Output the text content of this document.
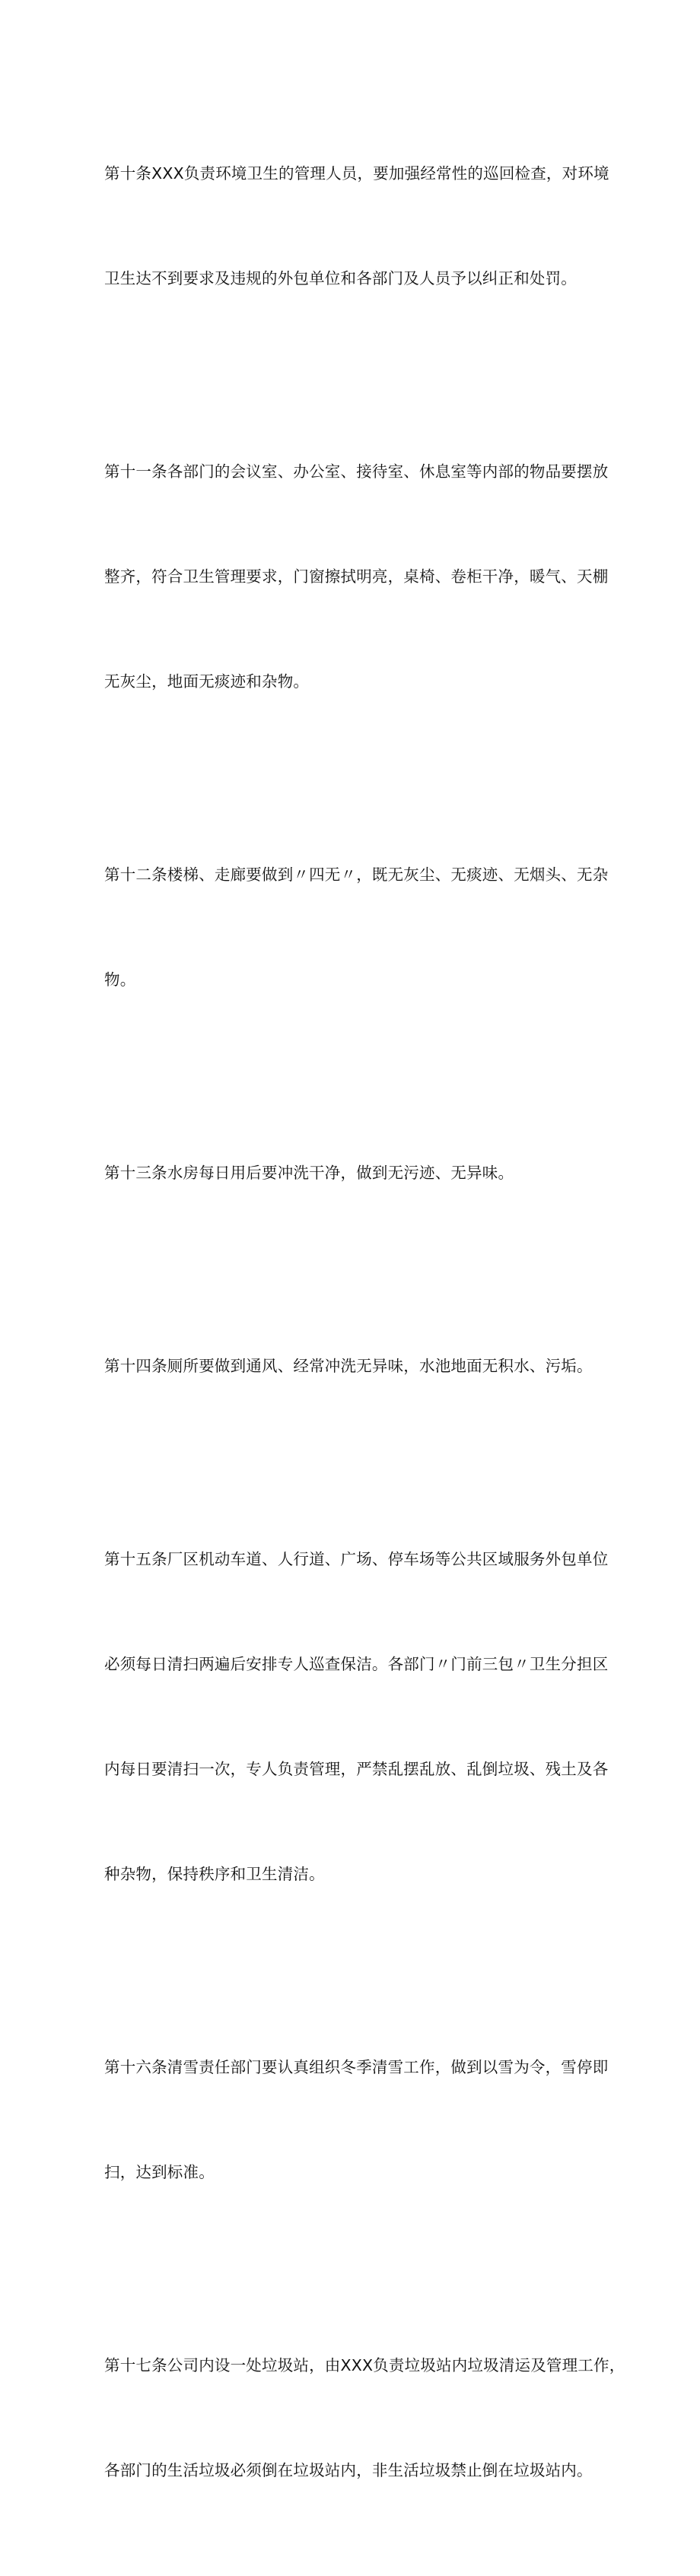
第十条XXX负责环境卫生的管理人员，要加强经常性的巡回检查，对环境

卫生达不到要求及违规的外包单位和各部门及人员予以纠正和处罚。

第十一条各部门的会议室、办公室、接待室、休息室等内部的物品要摆放

整齐，符合卫生管理要求，门窗擦拭明亮，桌椅、卷柜干净，暖气、天棚

无灰尘，地面无痰迹和杂物。

第十二条楼梯、走廊要做到〃四无〃，既无灰尘、无痰迹、无烟头、无杂

物。

第十三条水房每日用后要冲洗干净，做到无污迹、无异味。

第十四条厕所要做到通风、经常冲洗无异味，水池地面无积水、污垢。

第十五条厂区机动车道、人行道、广场、停车场等公共区域服务外包单位

必须每日清扫两遍后安排专人巡查保洁。各部门〃门前三包〃卫生分担区

内每日要清扫一次，专人负责管理，严禁乱摆乱放、乱倒垃圾、残土及各

种杂物，保持秩序和卫生清洁。

第十六条清雪责任部门要认真组织冬季清雪工作，做到以雪为令，雪停即

扫，达到标准。

第十七条公司内设一处垃圾站，由XXX负责垃圾站内垃圾清运及管理工作，

各部门的生活垃圾必须倒在垃圾站内，非生活垃圾禁止倒在垃圾站内。
